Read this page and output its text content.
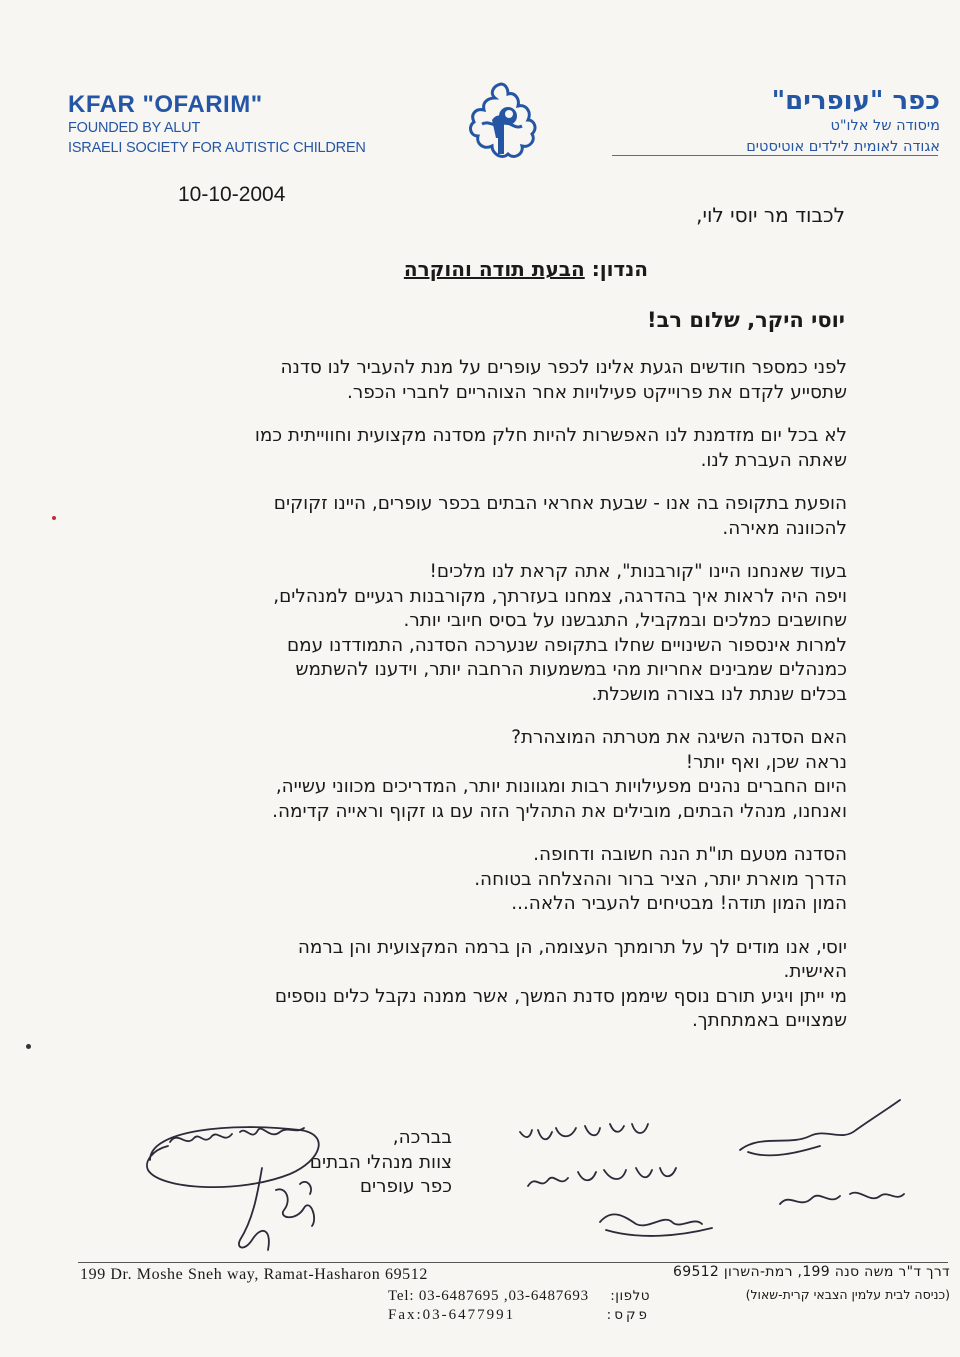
KFAR "OFARIM"
FOUNDED BY ALUT
ISRAELI SOCIETY FOR AUTISTIC CHILDREN
כפר "עופרים"
מיסודה של אלו"ט
אגודה לאומית לילדים אוטיסטים
10-10-2004
לכבוד מר יוסי לוי,
הנדון: הבעת תודה והוקרה
יוסי היקר, שלום רב!

לפני כמספר חודשים הגעת אלינו לכפר עופרים על מנת להעביר לנו סדנה

שתסייע לקדם את פרוייקט פעילויות אחר הצוהריים לחברי הכפר.

לא בכל יום מזדמנת לנו האפשרות להיות חלק מסדנה מקצועית וחווייתית כמו

שאתה העברת לנו.

הופעת בתקופה בה אנו - שבעת אחראי הבתים בכפר עופרים, היינו זקוקים

להכוונה מאירה.

בעוד שאנחנו היינו "קורבנות", אתה קראת לנו מלכים!

ויפה היה לראות איך בהדרגה, צמחנו בעזרתך, מקורבנות רגעיים למנהלים,

שחושבים כמלכים ובמקביל, התגבשנו על בסיס חיובי יותר.

למרות אינספור השינויים שחלו בתקופה שנערכה הסדנה, התמודדנו עמם

כמנהלים שמבינים אחריות מהי במשמעות הרחבה יותר, וידענו להשתמש

בכלים שנתת לנו בצורה מושכלת.

האם הסדנה השיגה את מטרתה המוצהרת?

נראה שכן, ואף יותר!

היום החברים נהנים מפעילויות רבות ומגוונות יותר, המדריכים מכווני עשייה,

ואנחנו, מנהלי הבתים, מובילים את התהליך הזה עם גו זקוף וראייה קדימה.

הסדנה מטעם תו"ת הנה חשובה ודחופה.

הדרך מוארת יותר, הציר ברור וההצלחה בטוחה.

המון המון תודה! מבטיחים להעביר הלאה...

יוסי, אנו מודים לך על תרומתך העצומה, הן ברמה המקצועית והן ברמה

האישית.

מי ייתן ויגיע תורם נוסף שיממן סדנת המשך, אשר ממנה נקבל כלים נוספים

שמצויים באמתחתך.

בברכה,
צוות מנהלי הבתים
כפר עופרים
199 Dr. Moshe Sneh way, Ramat-Hasharon 69512	דרך ד"ר משה סנה 199, רמת-השרון 69512
(כניסה לבית עלמין הצבאי קרית-שאול)
Tel: 03-6487695 ,03-6487693
Fax:03-6477991
טלפון:
פקס:
